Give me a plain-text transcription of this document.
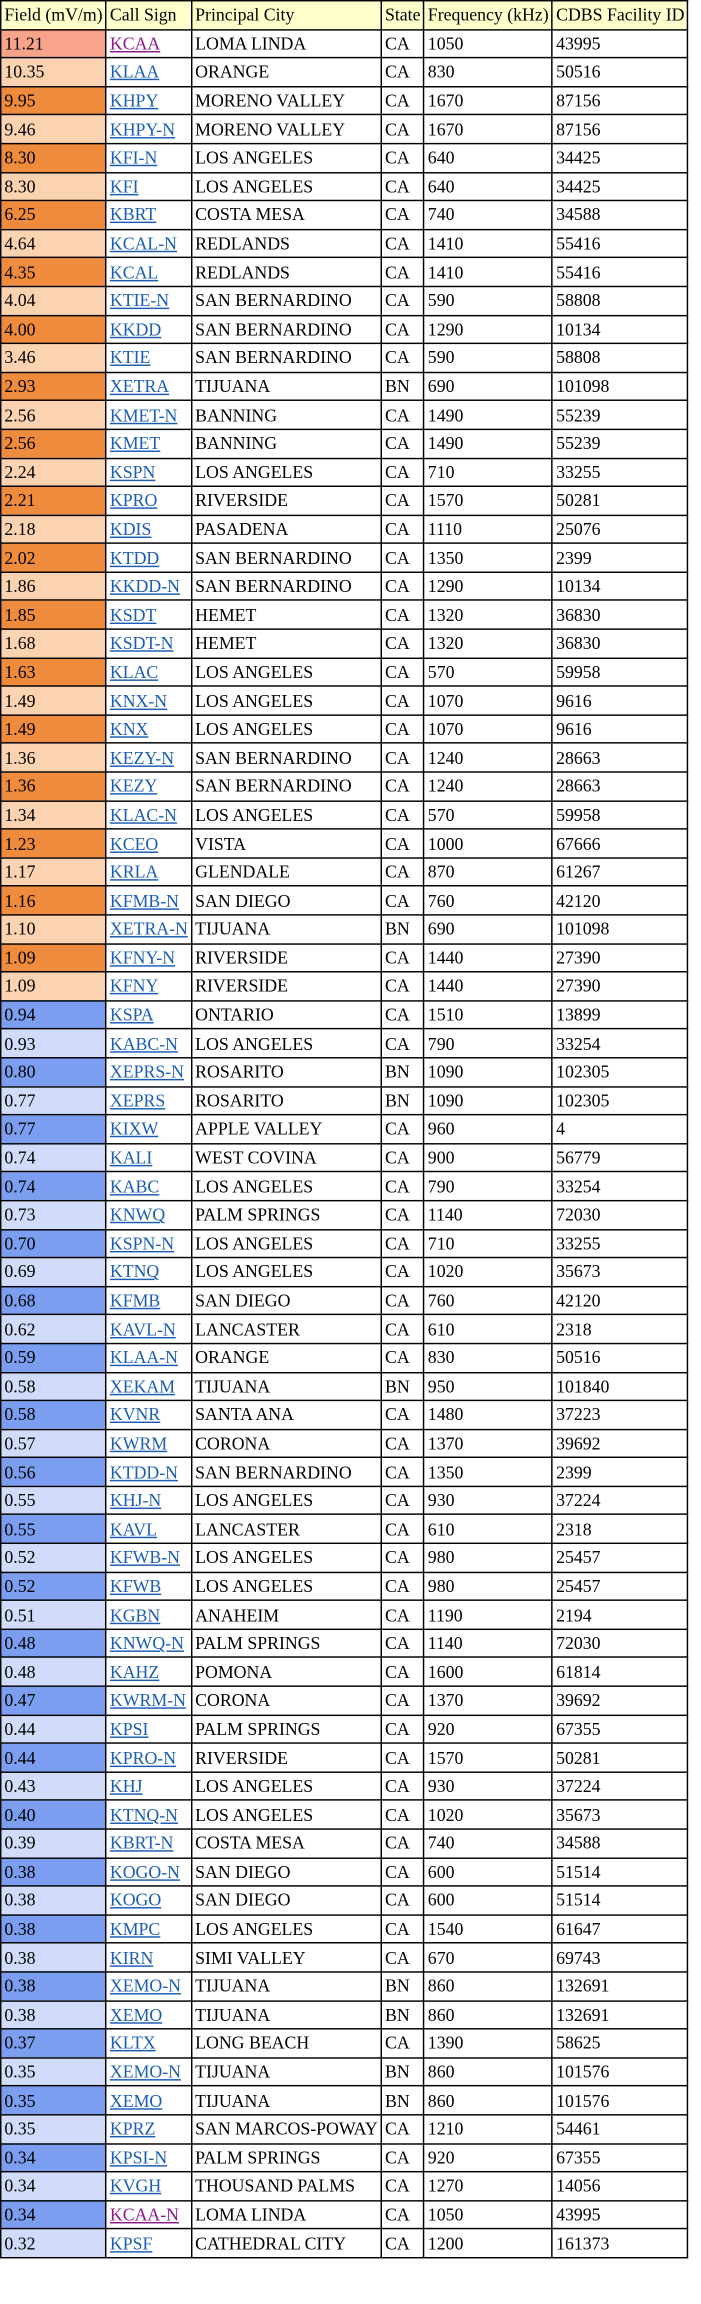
Field (mV/m)	Call Sign	Principal City	State	Frequency (kHz)	CDBS Facility ID
11.21	KCAA	LOMA LINDA	CA	1050	43995
10.35	KLAA	ORANGE	CA	830	50516
9.95	KHPY	MORENO VALLEY	CA	1670	87156
9.46	KHPY-N	MORENO VALLEY	CA	1670	87156
8.30	KFI-N	LOS ANGELES	CA	640	34425
8.30	KFI	LOS ANGELES	CA	640	34425
6.25	KBRT	COSTA MESA	CA	740	34588
4.64	KCAL-N	REDLANDS	CA	1410	55416
4.35	KCAL	REDLANDS	CA	1410	55416
4.04	KTIE-N	SAN BERNARDINO	CA	590	58808
4.00	KKDD	SAN BERNARDINO	CA	1290	10134
3.46	KTIE	SAN BERNARDINO	CA	590	58808
2.93	XETRA	TIJUANA	BN	690	101098
2.56	KMET-N	BANNING	CA	1490	55239
2.56	KMET	BANNING	CA	1490	55239
2.24	KSPN	LOS ANGELES	CA	710	33255
2.21	KPRO	RIVERSIDE	CA	1570	50281
2.18	KDIS	PASADENA	CA	1110	25076
2.02	KTDD	SAN BERNARDINO	CA	1350	2399
1.86	KKDD-N	SAN BERNARDINO	CA	1290	10134
1.85	KSDT	HEMET	CA	1320	36830
1.68	KSDT-N	HEMET	CA	1320	36830
1.63	KLAC	LOS ANGELES	CA	570	59958
1.49	KNX-N	LOS ANGELES	CA	1070	9616
1.49	KNX	LOS ANGELES	CA	1070	9616
1.36	KEZY-N	SAN BERNARDINO	CA	1240	28663
1.36	KEZY	SAN BERNARDINO	CA	1240	28663
1.34	KLAC-N	LOS ANGELES	CA	570	59958
1.23	KCEO	VISTA	CA	1000	67666
1.17	KRLA	GLENDALE	CA	870	61267
1.16	KFMB-N	SAN DIEGO	CA	760	42120
1.10	XETRA-N	TIJUANA	BN	690	101098
1.09	KFNY-N	RIVERSIDE	CA	1440	27390
1.09	KFNY	RIVERSIDE	CA	1440	27390
0.94	KSPA	ONTARIO	CA	1510	13899
0.93	KABC-N	LOS ANGELES	CA	790	33254
0.80	XEPRS-N	ROSARITO	BN	1090	102305
0.77	XEPRS	ROSARITO	BN	1090	102305
0.77	KIXW	APPLE VALLEY	CA	960	4
0.74	KALI	WEST COVINA	CA	900	56779
0.74	KABC	LOS ANGELES	CA	790	33254
0.73	KNWQ	PALM SPRINGS	CA	1140	72030
0.70	KSPN-N	LOS ANGELES	CA	710	33255
0.69	KTNQ	LOS ANGELES	CA	1020	35673
0.68	KFMB	SAN DIEGO	CA	760	42120
0.62	KAVL-N	LANCASTER	CA	610	2318
0.59	KLAA-N	ORANGE	CA	830	50516
0.58	XEKAM	TIJUANA	BN	950	101840
0.58	KVNR	SANTA ANA	CA	1480	37223
0.57	KWRM	CORONA	CA	1370	39692
0.56	KTDD-N	SAN BERNARDINO	CA	1350	2399
0.55	KHJ-N	LOS ANGELES	CA	930	37224
0.55	KAVL	LANCASTER	CA	610	2318
0.52	KFWB-N	LOS ANGELES	CA	980	25457
0.52	KFWB	LOS ANGELES	CA	980	25457
0.51	KGBN	ANAHEIM	CA	1190	2194
0.48	KNWQ-N	PALM SPRINGS	CA	1140	72030
0.48	KAHZ	POMONA	CA	1600	61814
0.47	KWRM-N	CORONA	CA	1370	39692
0.44	KPSI	PALM SPRINGS	CA	920	67355
0.44	KPRO-N	RIVERSIDE	CA	1570	50281
0.43	KHJ	LOS ANGELES	CA	930	37224
0.40	KTNQ-N	LOS ANGELES	CA	1020	35673
0.39	KBRT-N	COSTA MESA	CA	740	34588
0.38	KOGO-N	SAN DIEGO	CA	600	51514
0.38	KOGO	SAN DIEGO	CA	600	51514
0.38	KMPC	LOS ANGELES	CA	1540	61647
0.38	KIRN	SIMI VALLEY	CA	670	69743
0.38	XEMO-N	TIJUANA	BN	860	132691
0.38	XEMO	TIJUANA	BN	860	132691
0.37	KLTX	LONG BEACH	CA	1390	58625
0.35	XEMO-N	TIJUANA	BN	860	101576
0.35	XEMO	TIJUANA	BN	860	101576
0.35	KPRZ	SAN MARCOS-POWAY	CA	1210	54461
0.34	KPSI-N	PALM SPRINGS	CA	920	67355
0.34	KVGH	THOUSAND PALMS	CA	1270	14056
0.34	KCAA-N	LOMA LINDA	CA	1050	43995
0.32	KPSF	CATHEDRAL CITY	CA	1200	161373
